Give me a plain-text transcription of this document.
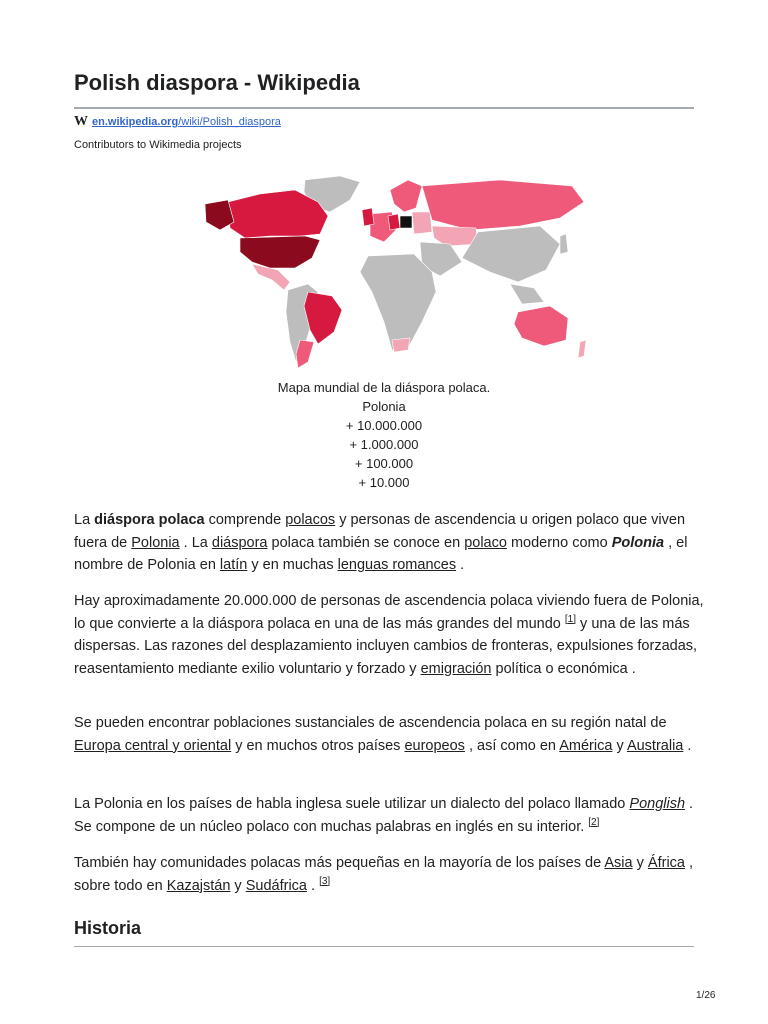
Polish diaspora - Wikipedia
W en.wikipedia.org/wiki/Polish_diaspora
Contributors to Wikimedia projects
Mapa mundial de la diáspora polaca.
Polonia
+ 10.000.000
+ 1.000.000
+ 100.000
+ 10.000

La diáspora polaca comprende polacos y personas de ascendencia u origen polaco que viven fuera de Polonia . La diáspora polaca también se conoce en polaco moderno como Polonia , el nombre de Polonia en latín y en muchas lenguas romances .

Hay aproximadamente 20.000.000 de personas de ascendencia polaca viviendo fuera de Polonia, lo que convierte a la diáspora polaca en una de las más grandes del mundo [1] y una de las más dispersas. Las razones del desplazamiento incluyen cambios de fronteras, expulsiones forzadas, reasentamiento mediante exilio voluntario y forzado y emigración política o económica .

Se pueden encontrar poblaciones sustanciales de ascendencia polaca en su región natal de Europa central y oriental y en muchos otros países europeos , así como en América y Australia .

La Polonia en los países de habla inglesa suele utilizar un dialecto del polaco llamado Ponglish . Se compone de un núcleo polaco con muchas palabras en inglés en su interior. [2]

También hay comunidades polacas más pequeñas en la mayoría de los países de Asia y África , sobre todo en Kazajstán y Sudáfrica . [3]

Historia
1/26
